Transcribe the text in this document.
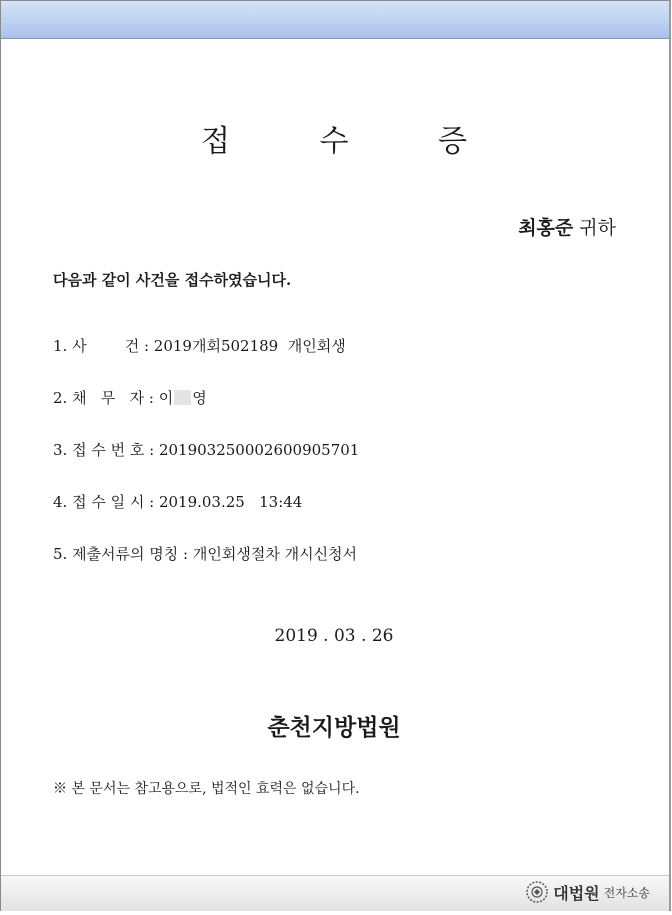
접 수 증
최홍준 귀하
다음과 같이 사건을 접수하였습니다.
1. 사        건 : 2019개회502189  개인회생
2. 채   무   자 : 이 영
3. 접 수 번 호 : 20190325000260090570​1
4. 접 수 일 시 : 2019.03.25   13:44
5. 제출서류의 명칭 : 개인회생절차 개시신청서
2019 . 03 . 26
춘천지방법원
※ 본 문서는 참고용으로, 법적인 효력은 없습니다.
대법원 전자소송
